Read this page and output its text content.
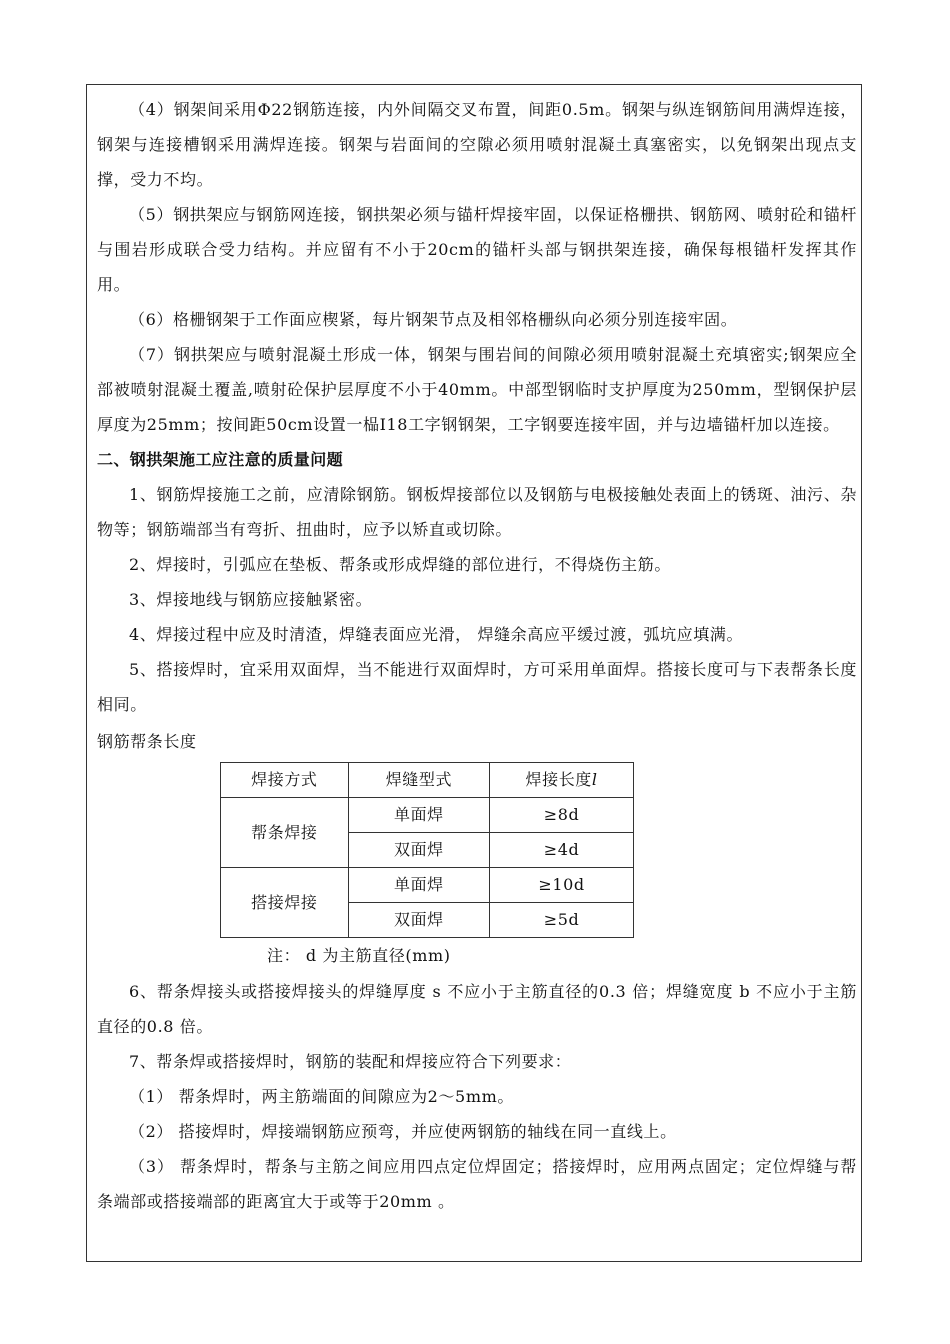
（4）钢架间采用Φ22钢筋连接，内外间隔交叉布置，间距0.5m。钢架与纵连钢筋间用满焊连接，钢架与连接槽钢采用满焊连接。钢架与岩面间的空隙必须用喷射混凝土真塞密实，以免钢架出现点支撑，受力不均。

（5）钢拱架应与钢筋网连接，钢拱架必须与锚杆焊接牢固，以保证格栅拱、钢筋网、喷射砼和锚杆与围岩形成联合受力结构。并应留有不小于20cm的锚杆头部与钢拱架连接，确保每根锚杆发挥其作用。

（6）格栅钢架于工作面应楔紧，每片钢架节点及相邻格栅纵向必须分别连接牢固。

（7）钢拱架应与喷射混凝土形成一体，钢架与围岩间的间隙必须用喷射混凝土充填密实;钢架应全部被喷射混凝土覆盖,喷射砼保护层厚度不小于40mm。中部型钢临时支护厚度为250mm，型钢保护层厚度为25mm；按间距50cm设置一榀I18工字钢钢架，工字钢要连接牢固，并与边墙锚杆加以连接。

二、钢拱架施工应注意的质量问题

1、钢筋焊接施工之前，应清除钢筋。钢板焊接部位以及钢筋与电极接触处表面上的锈斑、油污、杂物等；钢筋端部当有弯折、扭曲时，应予以矫直或切除。

2、焊接时，引弧应在垫板、帮条或形成焊缝的部位进行，不得烧伤主筋。

3、焊接地线与钢筋应接触紧密。

4、焊接过程中应及时清渣，焊缝表面应光滑， 焊缝余高应平缓过渡，弧坑应填满。

5、搭接焊时，宜采用双面焊，当不能进行双面焊时，方可采用单面焊。搭接长度可与下表帮条长度相同。

钢筋帮条长度

焊接方式	焊缝型式	焊接长度l
帮条焊接	单面焊	≥8d
	双面焊	≥4d
搭接焊接	单面焊	≥10d
	双面焊	≥5d

注： d 为主筋直径(mm)

6、帮条焊接头或搭接焊接头的焊缝厚度 s 不应小于主筋直径的0.3 倍；焊缝宽度 b 不应小于主筋直径的0.8 倍。

7、帮条焊或搭接焊时，钢筋的装配和焊接应符合下列要求：

（1） 帮条焊时，两主筋端面的间隙应为2～5mm。

（2） 搭接焊时，焊接端钢筋应预弯，并应使两钢筋的轴线在同一直线上。

（3） 帮条焊时，帮条与主筋之间应用四点定位焊固定；搭接焊时，应用两点固定；定位焊缝与帮条端部或搭接端部的距离宜大于或等于20mm 。
